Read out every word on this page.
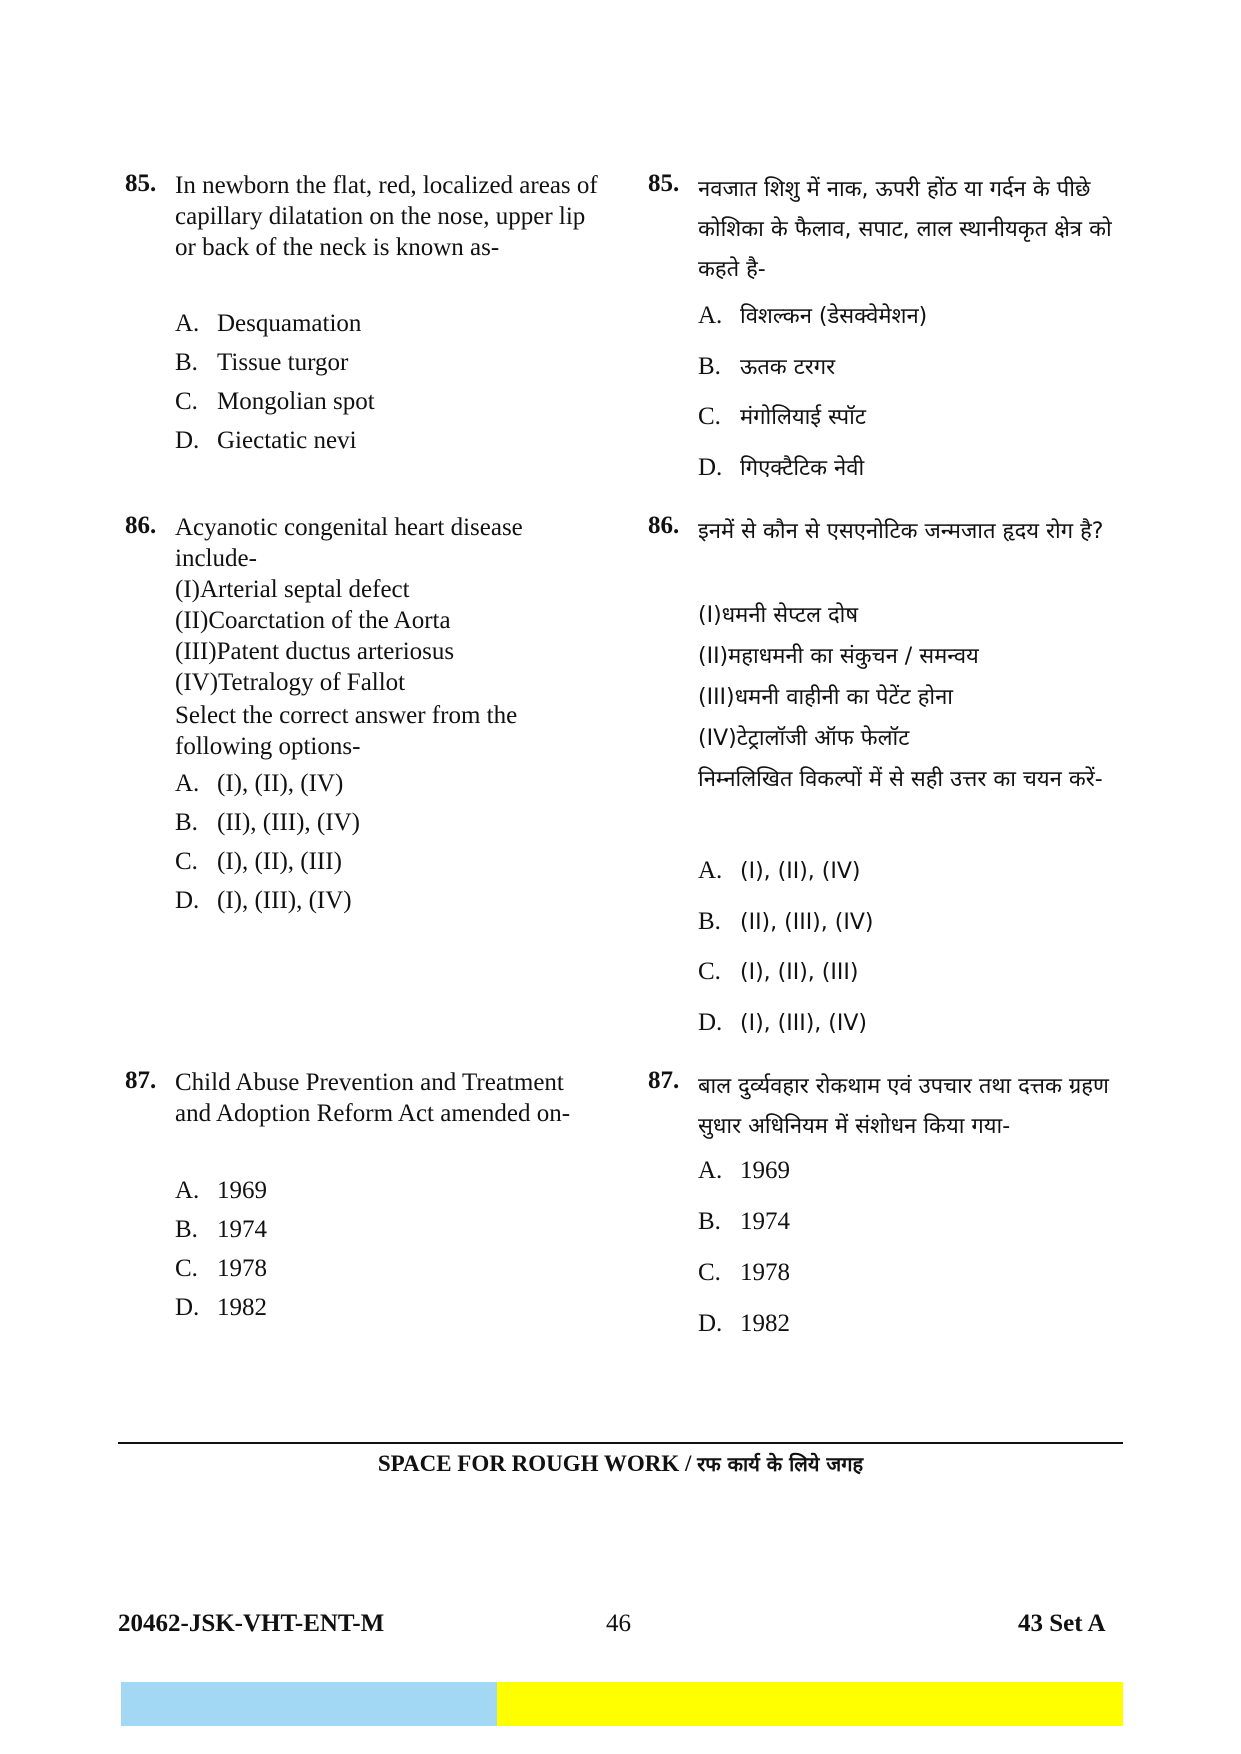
85. In newborn the flat, red, localized areas of capillary dilatation on the nose, upper lip or back of the neck is known as-
A. Desquamation
B. Tissue turgor
C. Mongolian spot
D. Giectatic nevi
86. Acyanotic congenital heart disease include-
(I)Arterial septal defect
(II)Coarctation of the Aorta
(III)Patent ductus arteriosus
(IV)Tetralogy of Fallot
Select the correct answer from the following options-
A. (I), (II), (IV)
B. (II), (III), (IV)
C. (I), (II), (III)
D. (I), (III), (IV)
87. Child Abuse Prevention and Treatment and Adoption Reform Act amended on-
A. 1969
B. 1974
C. 1978
D. 1982
85. नवजात शिशु में नाक, ऊपरी होंठ या गर्दन के पीछे कोशिका के फैलाव, सपाट, लाल स्थानीयकृत क्षेत्र को कहते है-
A. विशल्कन (डेसक्वेमेशन)
B. ऊतक टरगर
C. मंगोलियाई स्पॉट
D. गिएक्टैटिक नेवी
86. इनमें से कौन से एसएनोटिक जन्मजात हृदय रोग है?
(I)धमनी सेप्टल दोष
(II)महाधमनी का संकुचन / समन्वय
(III)धमनी वाहीनी का पेटेंट होना
(IV)टेट्रालॉजी ऑफ फेलॉट
निम्नलिखित विकल्पों में से सही उत्तर का चयन करें-
A. (I), (II), (IV)
B. (II), (III), (IV)
C. (I), (II), (III)
D. (I), (III), (IV)
87. बाल दुर्व्यवहार रोकथाम एवं उपचार तथा दत्तक ग्रहण सुधार अधिनियम में संशोधन किया गया-
A. 1969
B. 1974
C. 1978
D. 1982
SPACE FOR ROUGH WORK / रफ कार्य के लिये जगह
20462-JSK-VHT-ENT-M	46	43 Set A
